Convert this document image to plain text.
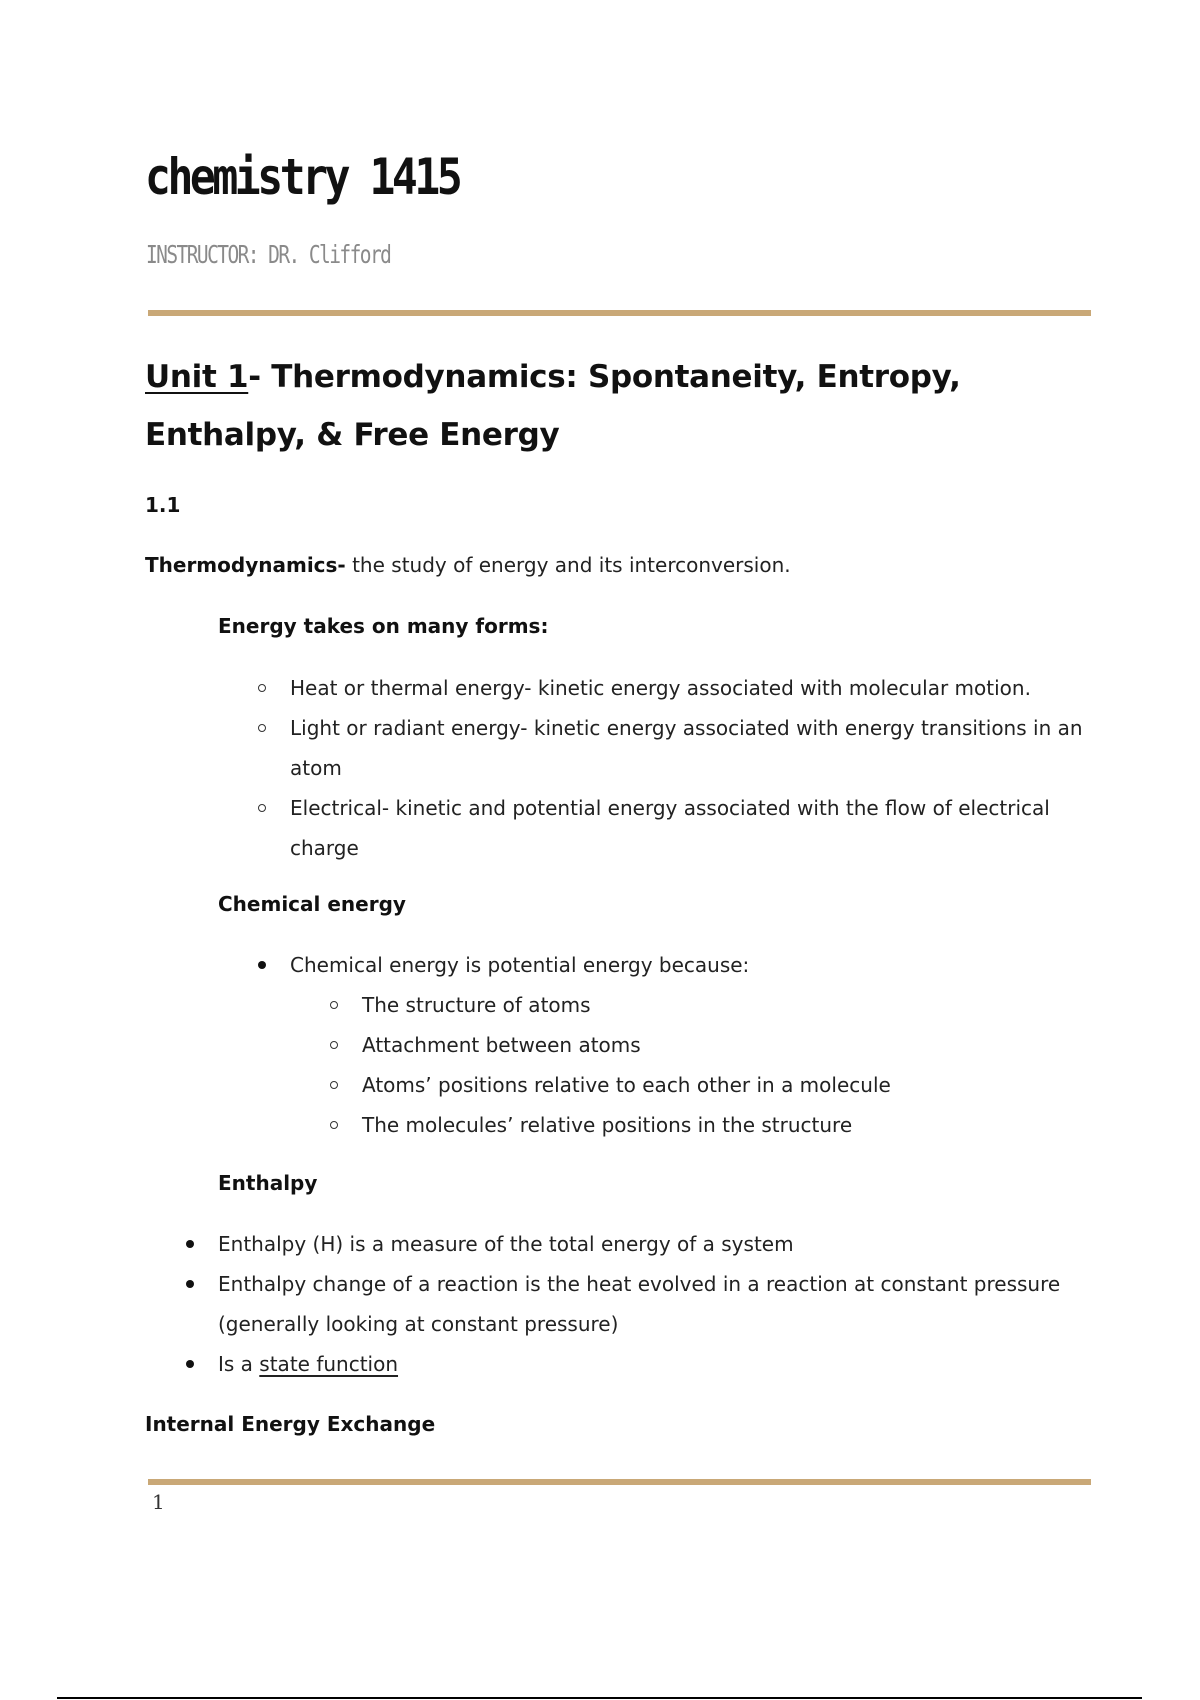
chemistry 1415
INSTRUCTOR: DR. Clifford
Unit 1- Thermodynamics: Spontaneity, Entropy, Enthalpy, & Free Energy
1.1
Thermodynamics- the study of energy and its interconversion.
Energy takes on many forms:
Heat or thermal energy- kinetic energy associated with molecular motion.
Light or radiant energy- kinetic energy associated with energy transitions in an atom
Electrical- kinetic and potential energy associated with the flow of electrical charge
Chemical energy
Chemical energy is potential energy because:
The structure of atoms
Attachment between atoms
Atoms’ positions relative to each other in a molecule
The molecules’ relative positions in the structure
Enthalpy
Enthalpy (H) is a measure of the total energy of a system
Enthalpy change of a reaction is the heat evolved in a reaction at constant pressure (generally looking at constant pressure)
Is a state function
Internal Energy Exchange
1
